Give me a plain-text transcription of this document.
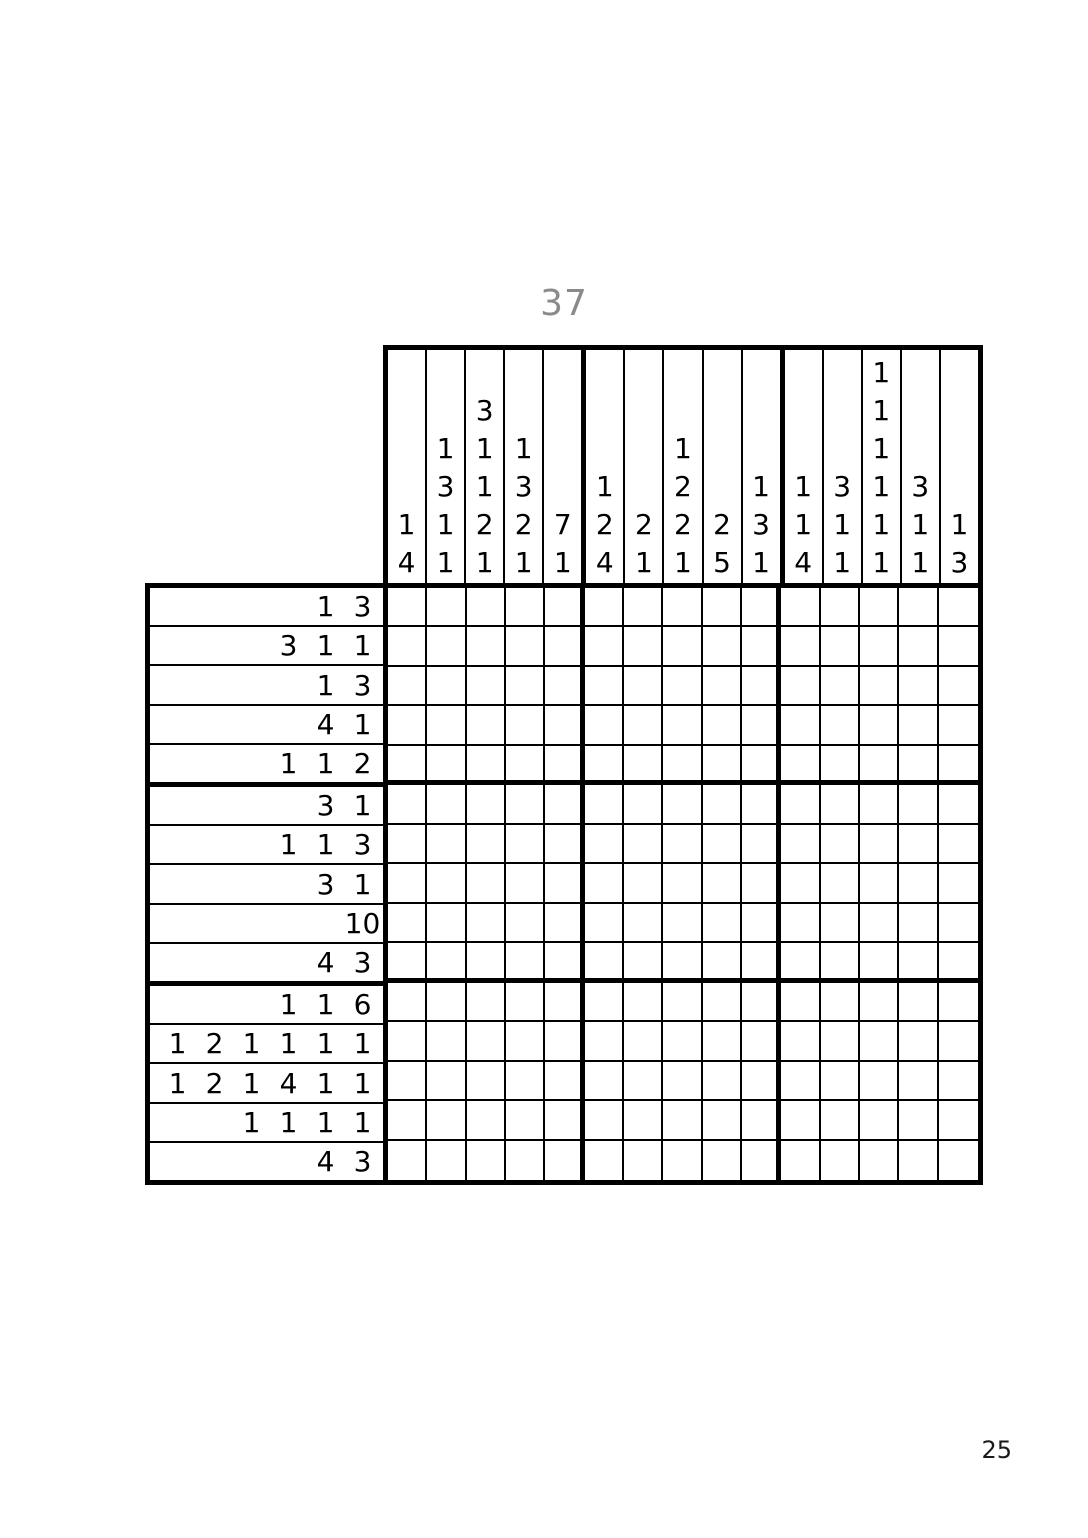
37
1
4
1
3
1
1
3
1
1
2
1
1
3
2
1
7
1
1
2
4
2
1
1
2
2
1
2
5
1
3
1
1
1
4
3
1
1
1
1
1
1
1
1
3
1
1
1
3
1 3
3 1 1
1 3
4 1
1 1 2
3 1
1 1 3
3 1
10
4 3
1 1 6
1 2 1 1 1 1
1 2 1 4 1 1
1 1 1 1
4 3
25
